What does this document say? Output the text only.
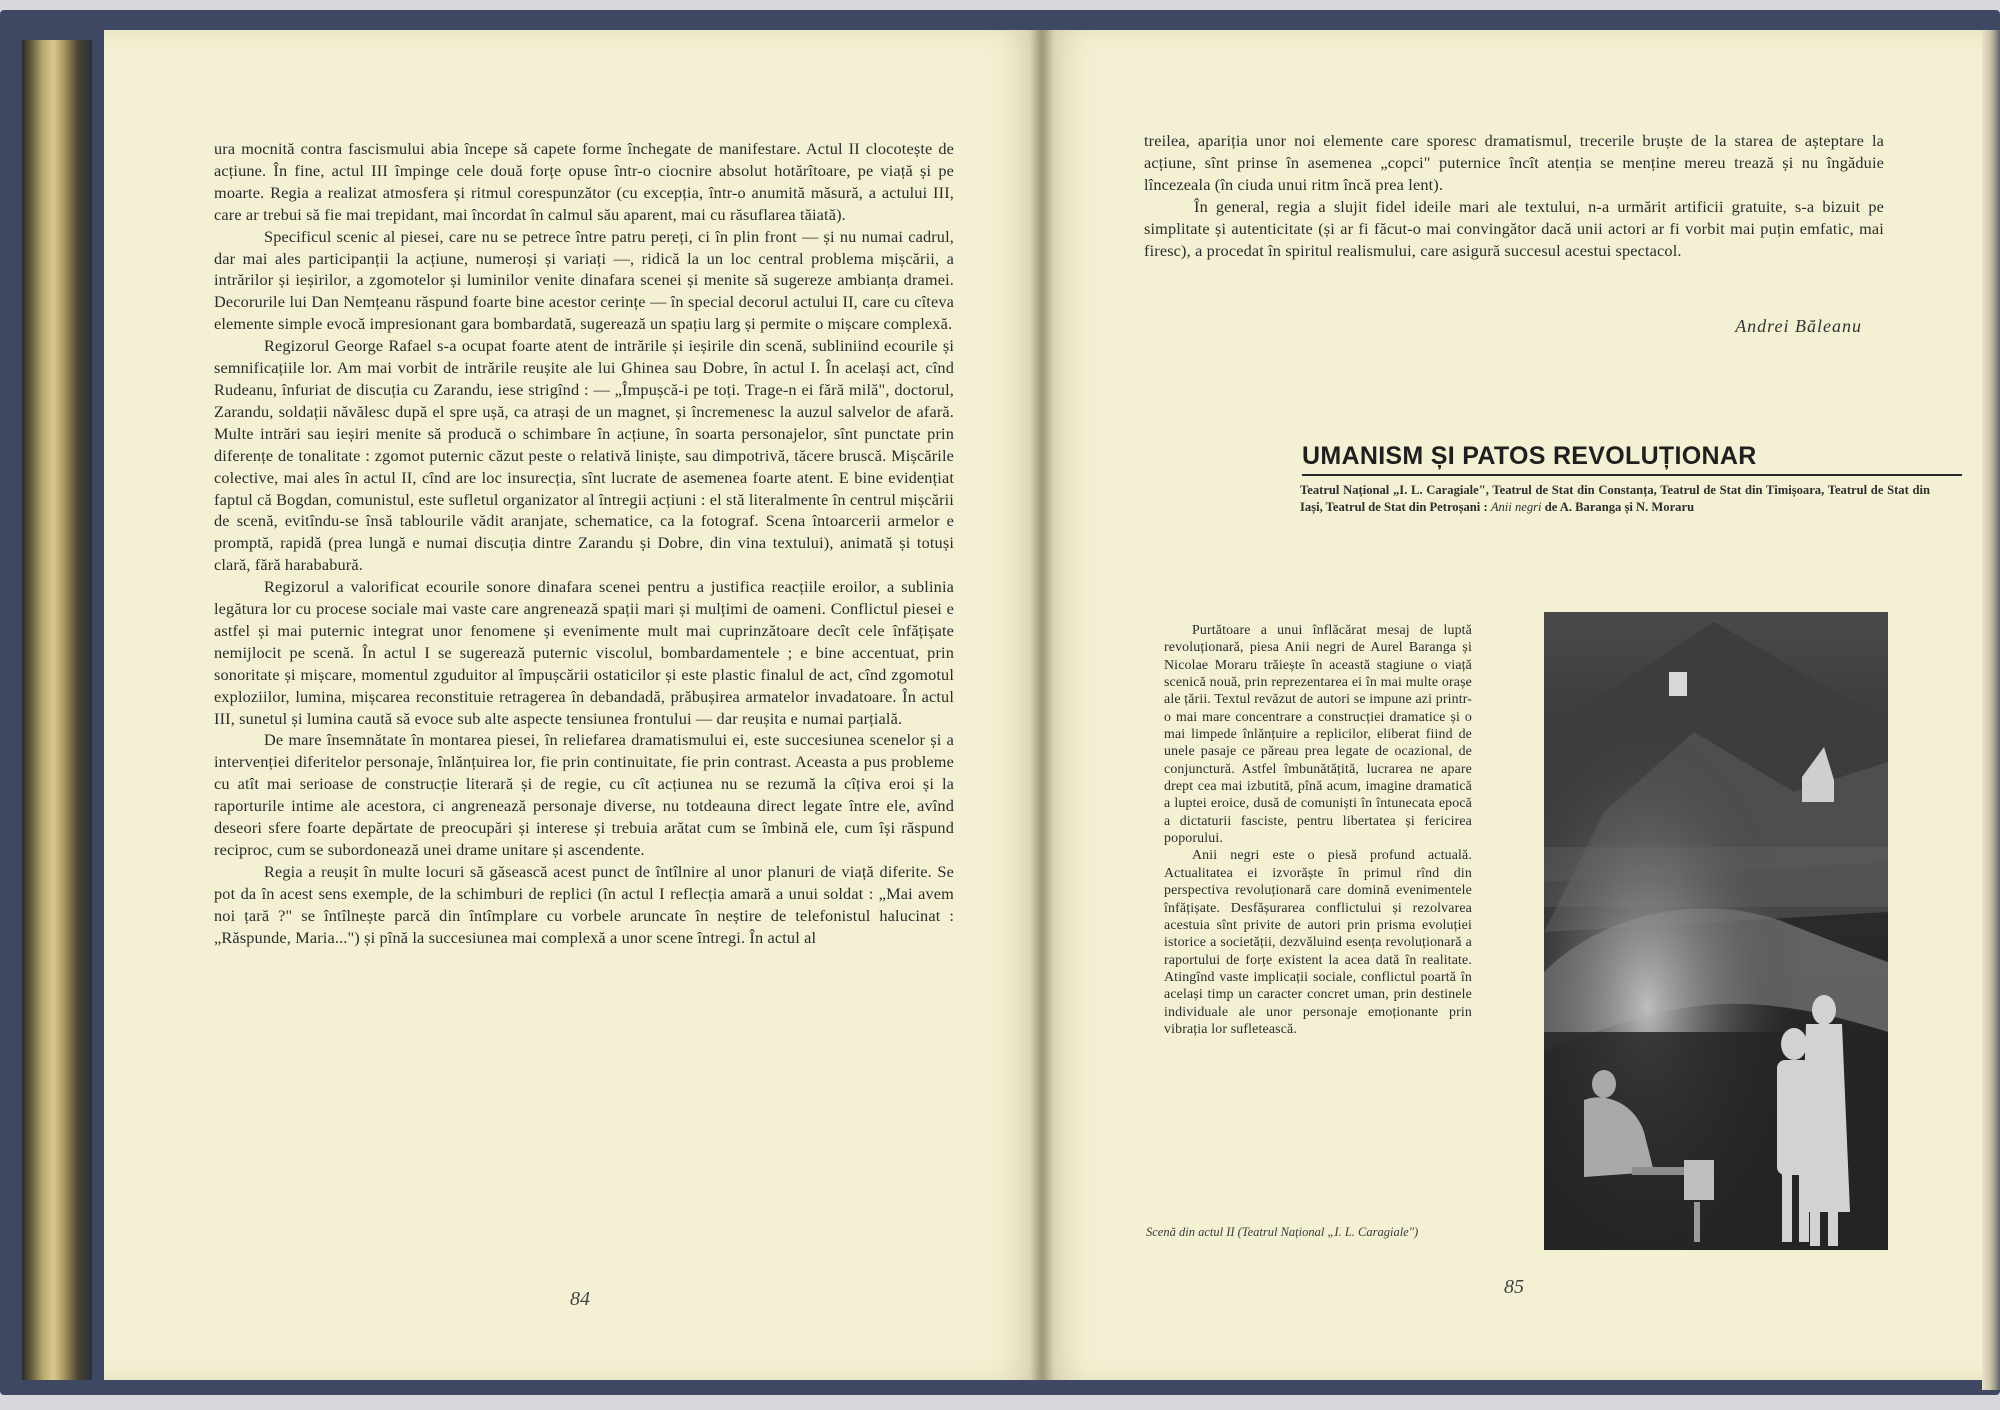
ura mocnită contra fascismului abia începe să capete forme închegate de manifestare. Actul II clocotește de acțiune. În fine, actul III împinge cele două forțe opuse într-o ciocnire absolut hotărîtoare, pe viață și pe moarte. Regia a realizat atmosfera și ritmul corespunzător (cu excepția, într-o anumită măsură, a actului III, care ar trebui să fie mai trepidant, mai încordat în calmul său aparent, mai cu răsuflarea tăiată).

Specificul scenic al piesei, care nu se petrece între patru pereți, ci în plin front — și nu numai cadrul, dar mai ales participanții la acțiune, numeroși și variați —, ridică la un loc central problema mișcării, a intrărilor și ieșirilor, a zgomotelor și luminilor venite dinafara scenei și menite să sugereze ambianța dramei. Decorurile lui Dan Nemțeanu răspund foarte bine acestor cerințe — în special decorul actului II, care cu cîteva elemente simple evocă impresionant gara bombardată, sugerează un spațiu larg și permite o mișcare complexă.

Regizorul George Rafael s-a ocupat foarte atent de intrările și ieșirile din scenă, subliniind ecourile și semnificațiile lor. Am mai vorbit de intrările reușite ale lui Ghinea sau Dobre, în actul I. În același act, cînd Rudeanu, înfuriat de discuția cu Zarandu, iese strigînd : — „Împușcă-i pe toți. Trage-n ei fără milă", doctorul, Zarandu, soldații năvălesc după el spre ușă, ca atrași de un magnet, și încremenesc la auzul salvelor de afară. Multe intrări sau ieșiri menite să producă o schimbare în acțiune, în soarta personajelor, sînt punctate prin diferențe de tonalitate : zgomot puternic căzut peste o relativă liniște, sau dimpotrivă, tăcere bruscă. Mișcările colective, mai ales în actul II, cînd are loc insurecția, sînt lucrate de asemenea foarte atent. E bine evidențiat faptul că Bogdan, comunistul, este sufletul organizator al întregii acțiuni : el stă literalmente în centrul mișcării de scenă, evitîndu-se însă tablourile vădit aranjate, schematice, ca la fotograf. Scena întoarcerii armelor e promptă, rapidă (prea lungă e numai discuția dintre Zarandu și Dobre, din vina textului), animată și totuși clară, fără harababură.

Regizorul a valorificat ecourile sonore dinafara scenei pentru a justifica reacțiile eroilor, a sublinia legătura lor cu procese sociale mai vaste care angrenează spații mari și mulțimi de oameni. Conflictul piesei e astfel și mai puternic integrat unor fenomene și evenimente mult mai cuprinzătoare decît cele înfățișate nemijlocit pe scenă. În actul I se sugerează puternic viscolul, bombardamentele ; e bine accentuat, prin sonoritate și mișcare, momentul zguduitor al împușcării ostaticilor și este plastic finalul de act, cînd zgomotul exploziilor, lumina, mișcarea reconstituie retragerea în debandadă, prăbușirea armatelor invadatoare. În actul III, sunetul și lumina caută să evoce sub alte aspecte tensiunea frontului — dar reușita e numai parțială.

De mare însemnătate în montarea piesei, în reliefarea dramatismului ei, este succesiunea scenelor și a intervenției diferitelor personaje, înlănțuirea lor, fie prin continuitate, fie prin contrast. Aceasta a pus probleme cu atît mai serioase de construcție literară și de regie, cu cît acțiunea nu se rezumă la cîțiva eroi și la raporturile intime ale acestora, ci angrenează personaje diverse, nu totdeauna direct legate între ele, avînd deseori sfere foarte depărtate de preocupări și interese și trebuia arătat cum se îmbină ele, cum își răspund reciproc, cum se subordonează unei drame unitare și ascendente.

Regia a reușit în multe locuri să găsească acest punct de întîlnire al unor planuri de viață diferite. Se pot da în acest sens exemple, de la schimburi de replici (în actul I reflecția amară a unui soldat : „Mai avem noi țară ?" se întîlnește parcă din întîmplare cu vorbele aruncate în neștire de telefonistul halucinat : „Răspunde, Maria...") și pînă la succesiunea mai complexă a unor scene întregi. În actul al

84

treilea, apariția unor noi elemente care sporesc dramatismul, trecerile bruște de la starea de așteptare la acțiune, sînt prinse în asemenea „copci" puternice încît atenția se menține mereu trează și nu îngăduie lîncezeala (în ciuda unui ritm încă prea lent).

În general, regia a slujit fidel ideile mari ale textului, n-a urmărit artificii gratuite, s-a bizuit pe simplitate și autenticitate (și ar fi făcut-o mai convingător dacă unii actori ar fi vorbit mai puțin emfatic, mai firesc), a procedat în spiritul realismului, care asigură succesul acestui spectacol.

Andrei Băleanu
UMANISM ȘI PATOS REVOLUȚIONAR
Teatrul Național „I. L. Caragiale", Teatrul de Stat din Constanța, Teatrul de Stat din Timișoara, Teatrul de Stat din Iași, Teatrul de Stat din Petroșani : Anii negri de A. Baranga și N. Moraru

Purtătoare a unui înflăcărat mesaj de luptă revoluționară, piesa Anii negri de Aurel Baranga și Nicolae Moraru trăiește în această stagiune o viață scenică nouă, prin reprezentarea ei în mai multe orașe ale țării. Textul revăzut de autori se impune azi printr-o mai mare concentrare a construcției dramatice și o mai limpede înlănțuire a replicilor, eliberat fiind de unele pasaje ce păreau prea legate de ocazional, de conjunctură. Astfel îmbunătățită, lucrarea ne apare drept cea mai izbutită, pînă acum, imagine dramatică a luptei eroice, dusă de comuniști în întunecata epocă a dictaturii fasciste, pentru libertatea și fericirea poporului.

Anii negri este o piesă profund actuală. Actualitatea ei izvorăște în primul rînd din perspectiva revoluționară care domină evenimentele înfățișate. Desfășurarea conflictului și rezolvarea acestuia sînt privite de autori prin prisma evoluției istorice a societății, dezvăluind esența revoluționară a raportului de forțe existent la acea dată în realitate. Atingînd vaste implicații sociale, conflictul poartă în același timp un caracter concret uman, prin destinele individuale ale unor personaje emoționante prin vibrația lor sufletească.

Scenă din actul II (Teatrul Național „I. L. Caragiale")
85
